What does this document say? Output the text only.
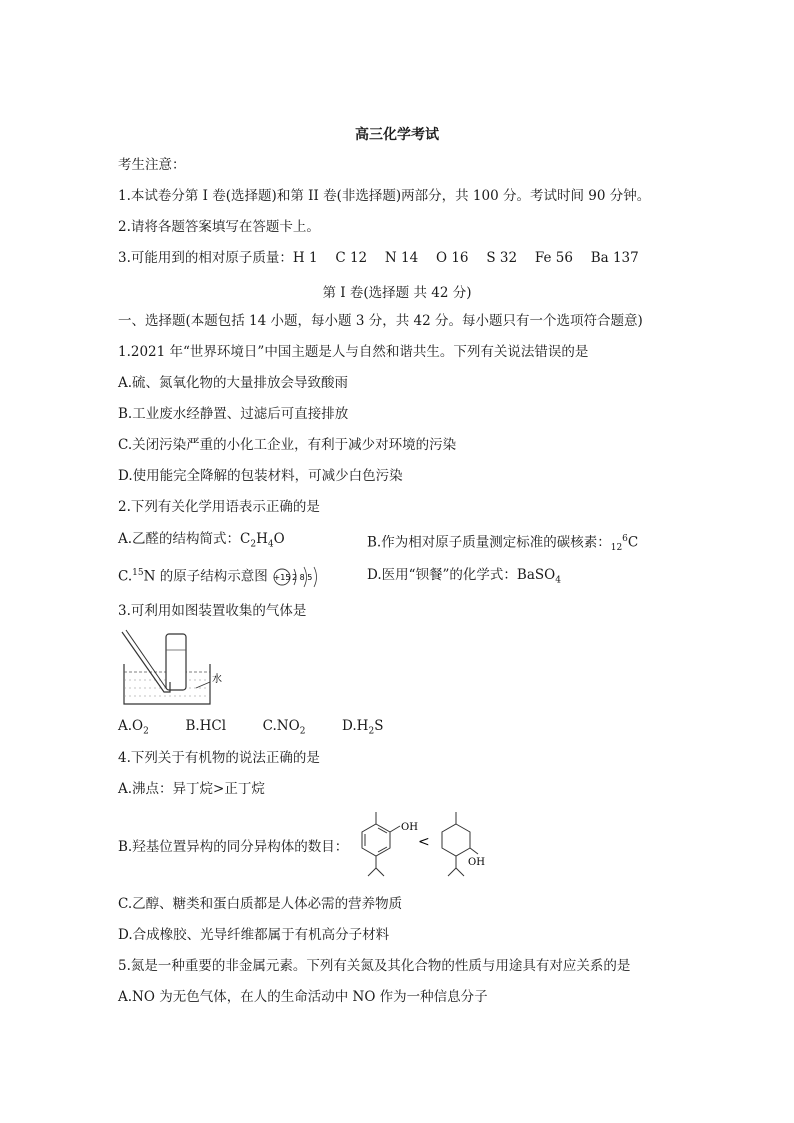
高三化学考试
考生注意：
1.本试卷分第 I 卷(选择题)和第 II 卷(非选择题)两部分，共 100 分。考试时间 90 分钟。
2.请将各题答案填写在答题卡上。
3.可能用到的相对原子质量：H 1　 C 12　 N 14　 O 16　 S 32　 Fe 56　 Ba 137
第 I 卷(选择题 共 42 分)
一、选择题(本题包括 14 小题，每小题 3 分，共 42 分。每小题只有一个选项符合题意)
1.2021 年“世界环境日”中国主题是人与自然和谐共生。下列有关说法错误的是
A.硫、氮氧化物的大量排放会导致酸雨
B.工业废水经静置、过滤后可直接排放
C.关闭污染严重的小化工企业，有利于减少对环境的污染
D.使用能完全降解的包装材料，可减少白色污染
2.下列有关化学用语表示正确的是
A.乙醛的结构简式：$C_2H_4O$	B.作为相对原子质量测定标准的碳核素：$_{12}^6$C
C.$^{15}$N 的原子结构示意图 +15 2 8 5	D.医用“钡餐”的化学式：BaSO$_4$
3.可利用如图装置收集的气体是
水
$A.O_2$	B.HCl	$C.NO_2$	$D.H_2S$
4.下列关于有机物的说法正确的是
A.沸点：异丁烷>正丁烷
B.羟基位置异构的同分异构体的数目：
OH
<
OH
C.乙醇、糖类和蛋白质都是人体必需的营养物质
D.合成橡胶、光导纤维都属于有机高分子材料
5.氮是一种重要的非金属元素。下列有关氮及其化合物的性质与用途具有对应关系的是
A.NO 为无色气体，在人的生命活动中 NO 作为一种信息分子
